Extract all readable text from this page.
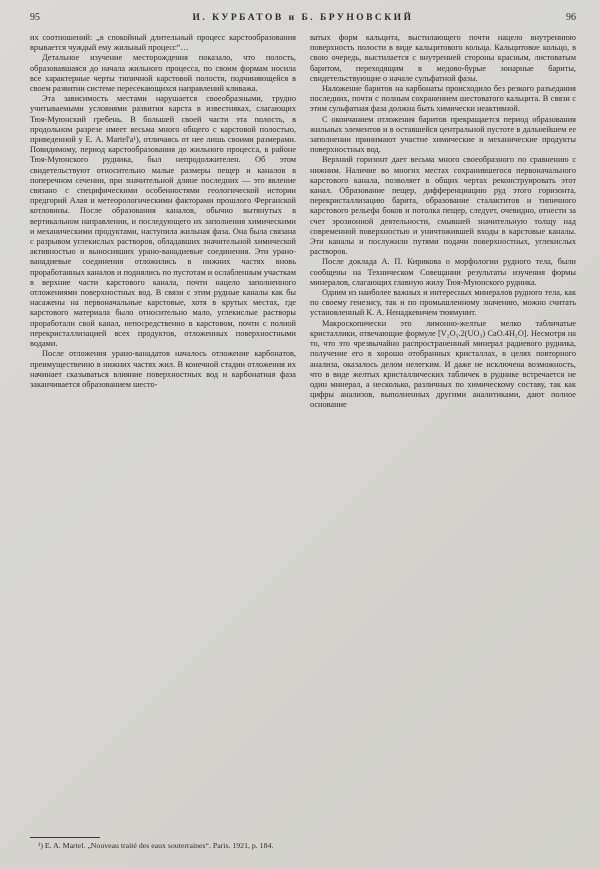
95	И. КУРБАТОВ и Б. БРУНОВСКИЙ	96

их соотношений: „в спокойный длительный процесс карстообразования врывается чуждый ему жильный процесс“…

Детальное изучение месторождения показало, что полость, образовавшаяся до начала жильного процесса, по своим формам носила все характерные черты типичной карстовой полости, подчиняющейся в своем развитии системе пересекающихся направлений кливажа.

Эта зависимость местами нарушается своеобразными, трудно учитываемыми условиями развития карста в известняках, слагающих Тюя-Муюнский гребень. В большей своей части эта полость, в продольном разрезе имеет весьма много общего с карстовой полостью, приведенной у Е. А. Martel'а¹), отличаясь от нее лишь своими размерами. Повидимому, период карстообразования до жильного процесса, в районе Тюя-Муюнского рудника, был непродолжителен. Об этом свидетельствуют относительно малые размеры пещер и каналов в поперечном сечении, при значительной длине последних — это явление связано с специфическими особенностями геологической истории предгорий Алая и метеорологическими факторами прошлого Ферганской котловины. После образования каналов, обычно вытянутых в вертикальном направлении, и последующего их заполнения химическими и механическими продуктами, наступила жильная фаза. Она была связана с разрывом углекислых растворов, обладавших значительной химической активностью и выносивших урано-ванадиевые соединения. Эти урано-ванадиевые соединения отложились в нижних частях вновь проработанных каналов и поднялись по пустотам и ослабленным участкам в верхние части карстового канала, почти нацело заполненного отложениями поверхностных вод. В связи с этим рудные каналы как бы насажены на первоначальные карстовые, хотя в крутых местах, где карстового материала было относительно мало, углекислые растворы проработали свой канал, непосредственно в карстовом, почти с полной перекристаллизацией всех продуктов, отложенных поверхностными водами.

После отложения урано-ванадатов началось отложение карбонатов, преимущественно в нижних частях жил. В конечной стадии отложения их начинает сказываться влияние поверхностных вод и карбонатная фаза заканчивается образованием шесто-

¹) E. A. Martel. „Nouveau traité des eaux souterraines“. Paris. 1921, p. 184.

ватых форм кальцита, выстилающего почти нацело внутреннюю поверхность полости в виде кальцитового кольца. Кальцитовое кольцо, в свою очередь, выстилается с внутренней стороны красным, листоватым баритом, переходящим в медово-бурые зонарные бариты, свидетельствующие о начале сульфатной фазы.

Наложение баритов на карбонаты происходило без резкого разъедания последних, почти с полным сохранением шестоватого кальцита. В связи с этим сульфатная фаза должна быть химически неактивной.

С окончанием отложения баритов прекращается период образования жильных элементов и в оставшейся центральной пустоте в дальнейшем ее заполнении принимают участие химические и механические продукты поверхностных вод.

Верхний горизонт дает весьма много своеобразного по сравнению с нижним. Наличие во многих местах сохранившегося первоначального карстового канала, позволяет в общих чертах реконструировать этот канал. Образование пещер, дифференциацию руд этого горизонта, перекристаллизацию барита, образование сталактитов и типичного карстового рельефа боков и потолка пещер, следует, очевидно, отнести за счет эрозионной деятельности, смывшей значительную толщу над современной поверхностью и уничтожившей входы в карстовые каналы. Эти каналы и послужили путями подачи поверхностных, углекислых растворов.

После доклада А. П. Кирикова о морфологии рудного тела, были сообщены на Техническом Совещании результаты изучения формы минералов, слагающих главную жилу Тюя-Муюнского рудника.

Одним из наиболее важных и интересных минералов рудного тела, как по своему генезису, так и по промышленному значению, можно считать установленный К. А. Ненадкевичем тюямунит.

Макроскопически это лимонно-желтые мелко табличатые кристаллики, отвечающие формуле [V₂O₅.2(UO₃) CaO.4H₂O]. Несмотря на то, что это чрезвычайно распространенный минерал радиевого рудника, получение его в хорошо отобранных кристаллах, в целях повторного анализа, оказалось делом нелегким. И даже не исключена возможность, что в виде желтых кристаллических табличек в руднике встречается не один минерал, а несколько, различных по химическому составу, так как цифры анализов, выполненных другими аналитиками, дают полное основание
